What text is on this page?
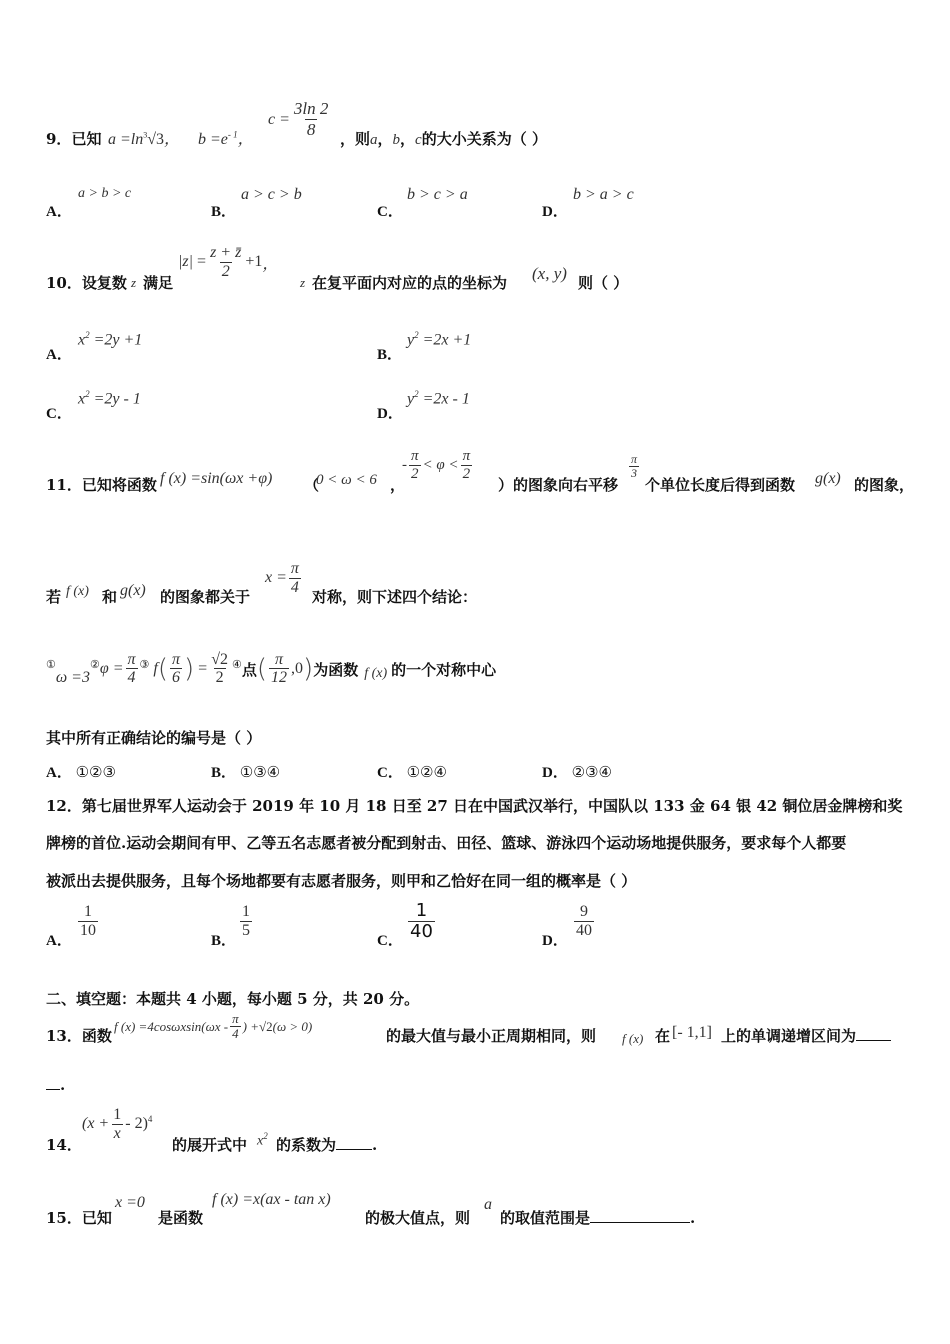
9．已知 $a =\ln^3√3$， $b =e^{- 1}$，
$c = \frac{3\ln 2}{8}$ ，则a，b，c的大小关系为（ ）
A．
a > b > c
B．
a > c > b
C．
b > c > a
D．
b > a > c
10．设复数 z 满足
|z|
= $\frac{z + z̄}{2} +1$ ，
z 在复平面内对应的点的坐标为 (x, y) 则（ ）
A．
$x^2 =2y +1$
B．
$y^2 =2x +1$
C．
$x^2 =2y - 1$
D．
$y^2 =2x - 1$
11．已知将函数 f (x) =sin(ωx +φ) （
0 < ω < 6 ，
- $\frac{\pi}{2} < \varphi < \frac{\pi}{2}$
）的图象向右平移
$\frac{\pi}{3}$
个单位长度后得到函数 g(x) 的图象，
若 f (x) 和 g(x) 的图象都关于
$x = \frac{\pi}{4}$
对称，则下述四个结论：
①
ω =3
② $\varphi = \frac{\pi}{4}$ ③ f ( $\frac{\pi}{6}$ ) = $\frac{√2}{2}$ ④ 点 ( $\frac{\pi}{12} ,0$ ) 为函数 f (x) 的一个对称中心
其中所有正确结论的编号是（ ）
A． ①②③	B． ①③④	C． ①②④	D． ②③④
12．第七届世界军人运动会于 2019 年 10 月 18 日至 27 日在中国武汉举行，中国队以 133 金 64 银 42 铜位居金牌榜和奖
牌榜的首位.运动会期间有甲、乙等五名志愿者被分配到射击、田径、篮球、游泳四个运动场地提供服务，要求每个人都要
被派出去提供服务，且每个场地都要有志愿者服务，则甲和乙恰好在同一组的概率是（ ）
A．
$\frac{1}{10}$
B．
$\frac{1}{5}$
C． $\frac{1}{40}$	D．
$\frac{9}{40}$
二、填空题：本题共 4 小题，每小题 5 分，共 20 分。
13．函数
f $(x) =4\cos\omega xsin(\omega x - \frac{\pi}{4}$ ) + √2 (ω > 0)
的最大值与最小正周期相同，则 f (x) 在 [- 1,1] 上的单调递增区间为
.
14．
$(x + \frac{1}{x} - 2)^4$
的展开式中 $x^2$ 的系数为 .
15．已知
x =0
是函数
f (x) =x(ax - tan x)
的极大值点，则
a
的取值范围是	.
